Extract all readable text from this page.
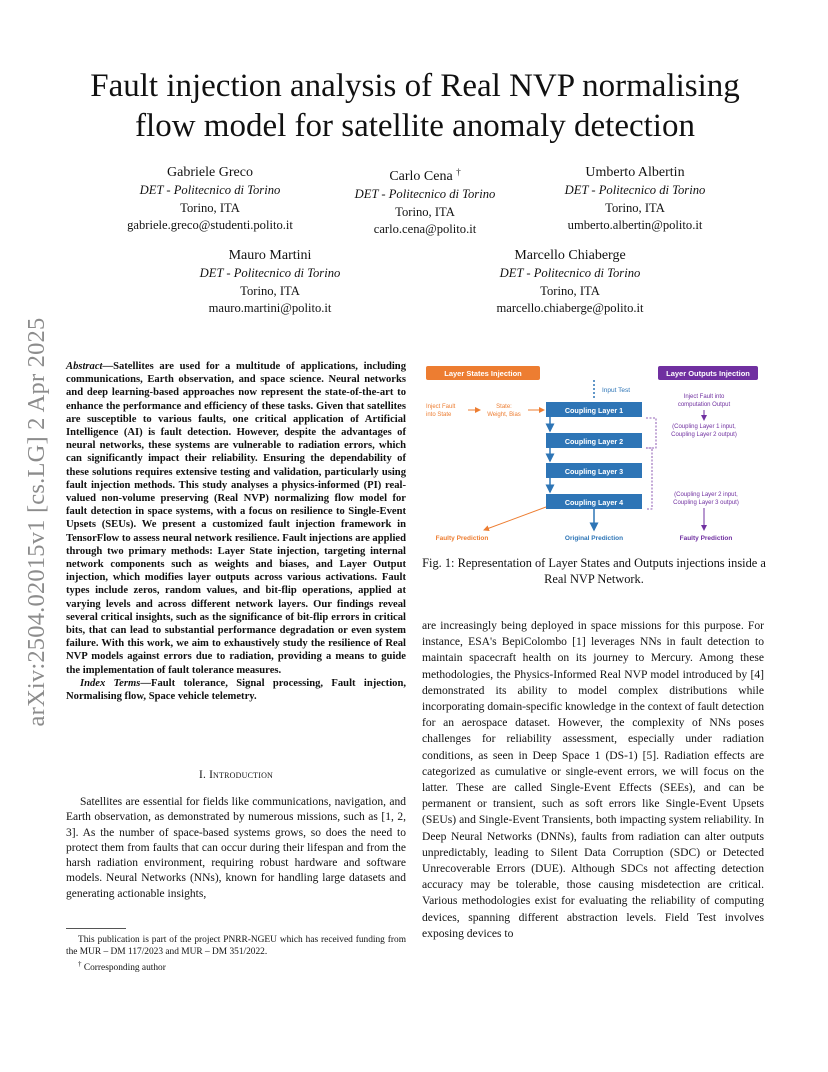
arXiv:2504.02015v1 [cs.LG] 2 Apr 2025
Fault injection analysis of Real NVP normalising flow model for satellite anomaly detection
Gabriele Greco
DET - Politecnico di Torino
Torino, ITA
gabriele.greco@studenti.polito.it
Carlo Cena †
DET - Politecnico di Torino
Torino, ITA
carlo.cena@polito.it
Umberto Albertin
DET - Politecnico di Torino
Torino, ITA
umberto.albertin@polito.it
Mauro Martini
DET - Politecnico di Torino
Torino, ITA
mauro.martini@polito.it
Marcello Chiaberge
DET - Politecnico di Torino
Torino, ITA
marcello.chiaberge@polito.it

Abstract—Satellites are used for a multitude of applications, including communications, Earth observation, and space science. Neural networks and deep learning-based approaches now represent the state-of-the-art to enhance the performance and efficiency of these tasks. Given that satellites are susceptible to various faults, one critical application of Artificial Intelligence (AI) is fault detection. However, despite the advantages of neural networks, these systems are vulnerable to radiation errors, which can significantly impact their reliability. Ensuring the dependability of these solutions requires extensive testing and validation, particularly using fault injection methods. This study analyses a physics-informed (PI) real-valued non-volume preserving (Real NVP) normalizing flow model for fault detection in space systems, with a focus on resilience to Single-Event Upsets (SEUs). We present a customized fault injection framework in TensorFlow to assess neural network resilience. Fault injections are applied through two primary methods: Layer State injection, targeting internal network components such as weights and biases, and Layer Output injection, which modifies layer outputs across various activations. Fault types include zeros, random values, and bit-flip operations, applied at varying levels and across different network layers. Our findings reveal several critical insights, such as the significance of bit-flip errors in critical bits, that can lead to substantial performance degradation or even system failure. With this work, we aim to exhaustively study the resilience of Real NVP models against errors due to radiation, providing a means to guide the implementation of fault tolerance measures.

Index Terms—Fault tolerance, Signal processing, Fault injection, Normalising flow, Space vehicle telemetry.

I. Introduction

Satellites are essential for fields like communications, navigation, and Earth observation, as demonstrated by numerous missions, such as [1, 2, 3]. As the number of space-based systems grows, so does the need to protect them from faults that can occur during their lifespan and from the harsh radiation environment, requiring robust hardware and software models. Neural Networks (NNs), known for handling large datasets and generating actionable insights,

This publication is part of the project PNRR-NGEU which has received funding from the MUR – DM 117/2023 and MUR – DM 351/2022.

† Corresponding author

Layer States Injection	Layer Outputs Injection
Input Test
Inject Fault
into State
State:
Weight, Bias	Coupling Layer 1
Coupling Layer 2
Coupling Layer 3
Coupling Layer 4
Inject Fault into
computation Output
(Coupling Layer 1 input,
Coupling Layer 2 output)
(Coupling Layer 2 input,
Coupling Layer 3 output)
Faulty Prediction	Original Prediction	Faulty Prediction
Fig. 1: Representation of Layer States and Outputs injections inside a Real NVP Network.

are increasingly being deployed in space missions for this purpose. For instance, ESA's BepiColombo [1] leverages NNs in fault detection to maintain spacecraft health on its journey to Mercury. Among these methodologies, the Physics-Informed Real NVP model introduced by [4] demonstrated its ability to model complex distributions while incorporating domain-specific knowledge in the context of fault detection for an aerospace dataset. However, the complexity of NNs poses challenges for reliability assessment, especially under radiation conditions, as seen in Deep Space 1 (DS-1) [5]. Radiation effects are categorized as cumulative or single-event errors, we will focus on the latter. These are called Single-Event Effects (SEEs), and can be permanent or transient, such as soft errors like Single-Event Upsets (SEUs) and Single-Event Transients, both impacting system reliability. In Deep Neural Networks (DNNs), faults from radiation can alter outputs unpredictably, leading to Silent Data Corruption (SDC) or Detected Unrecoverable Errors (DUE). Although SDCs not affecting detection accuracy may be tolerable, those causing misdetection are critical. Various methodologies exist for evaluating the reliability of computing devices, spanning different abstraction levels. Field Test involves exposing devices to
